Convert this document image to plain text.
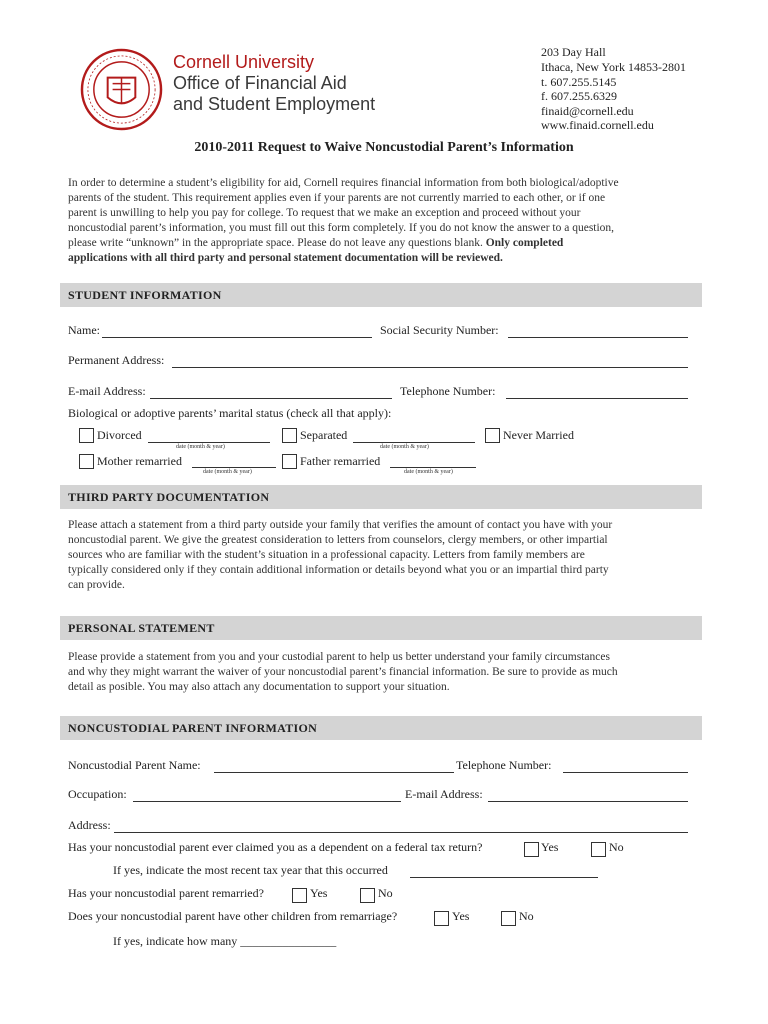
Cornell University
Office of Financial Aid
and Student Employment
203 Day Hall
Ithaca, New York 14853-2801
t. 607.255.5145
f. 607.255.6329
finaid@cornell.edu
www.finaid.cornell.edu
2010-2011 Request to Waive Noncustodial Parent’s Information
In order to determine a student’s eligibility for aid, Cornell requires financial information from both biological/adoptive
parents of the student. This requirement applies even if your parents are not currently married to each other, or if one
parent is unwilling to help you pay for college. To request that we make an exception and proceed without your
noncustodial parent’s information, you must fill out this form completely. If you do not know the answer to a question,
please write “unknown” in the appropriate space. Please do not leave any questions blank. Only completed
applications with all third party and personal statement documentation will be reviewed.
STUDENT INFORMATION
Name:	Social Security Number:
Permanent Address:
E-mail Address:	Telephone Number:
Biological or adoptive parents’ marital status (check all that apply):
Divorced
date (month & year)
Separated
date (month & year)
Never Married
Mother remarried
date (month & year)
Father remarried
date (month & year)
THIRD PARTY DOCUMENTATION
Please attach a statement from a third party outside your family that verifies the amount of contact you have with your
noncustodial parent. We give the greatest consideration to letters from counselors, clergy members, or other impartial
sources who are familiar with the student’s situation in a professional capacity. Letters from family members are
typically considered only if they contain additional information or details beyond what you or an impartial third party
can provide.
PERSONAL STATEMENT
Please provide a statement from you and your custodial parent to help us better understand your family circumstances
and why they might warrant the waiver of your noncustodial parent’s financial information. Be sure to provide as much
detail as posible. You may also attach any documentation to support your situation.
NONCUSTODIAL PARENT INFORMATION
Noncustodial Parent Name:	Telephone Number:
Occupation:	E-mail Address:
Address:
Has your noncustodial parent ever claimed you as a dependent on a federal tax return?	Yes	No
If yes, indicate the most recent tax year that this occurred
Has your noncustodial parent remarried?	Yes	No
Does your noncustodial parent have other children from remarriage?	Yes	No
If yes, indicate how many ________________
